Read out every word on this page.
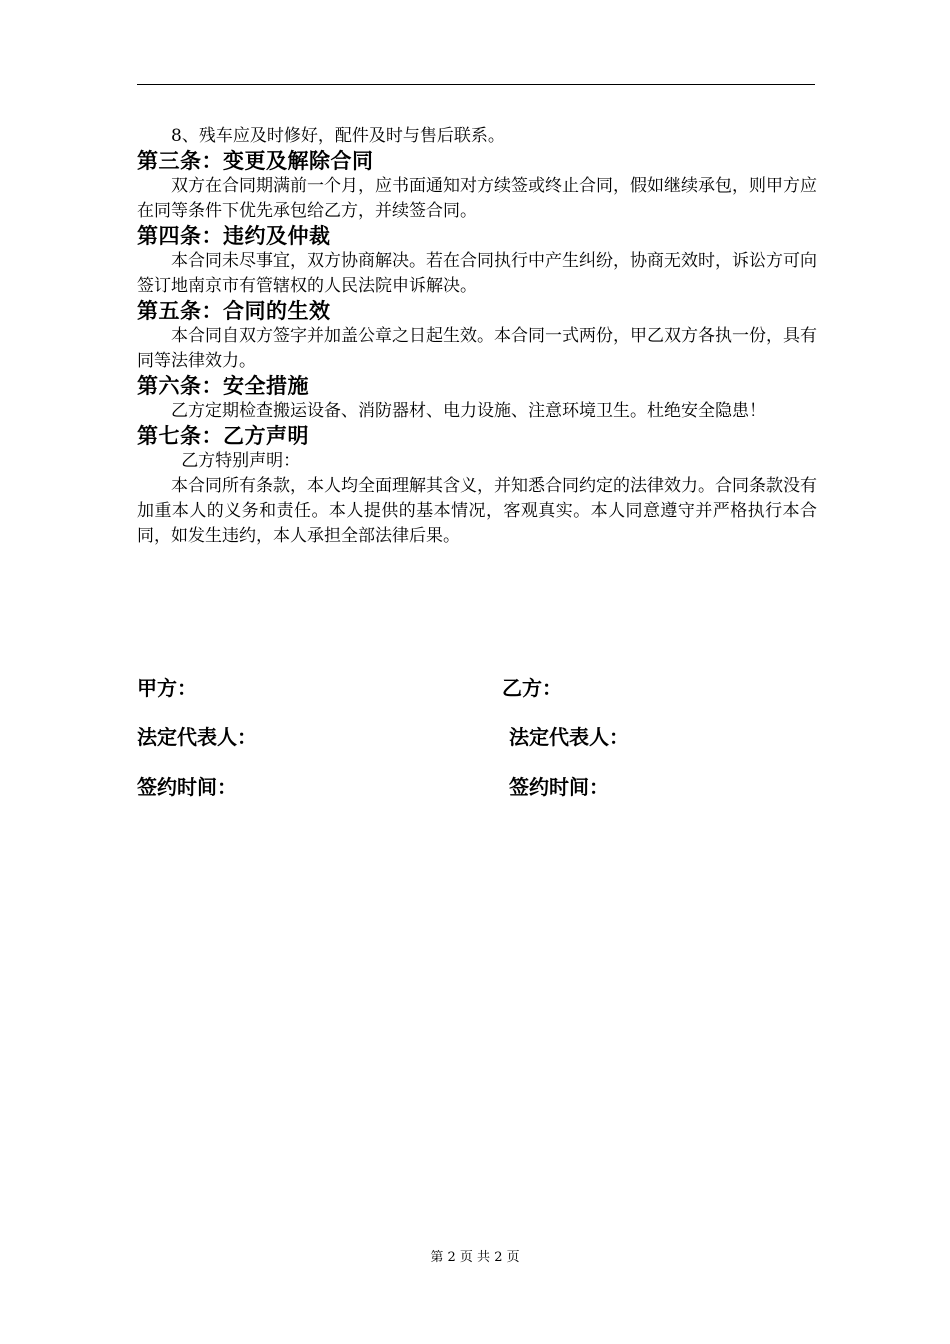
8、残车应及时修好，配件及时与售后联系。

第三条：变更及解除合同

双方在合同期满前一个月，应书面通知对方续签或终止合同，假如继续承包，则甲方应在同等条件下优先承包给乙方，并续签合同。

第四条：违约及仲裁

本合同未尽事宜，双方协商解决。若在合同执行中产生纠纷，协商无效时，诉讼方可向签订地南京市有管辖权的人民法院申诉解决。

第五条：合同的生效

本合同自双方签字并加盖公章之日起生效。本合同一式两份，甲乙双方各执一份，具有同等法律效力。

第六条：安全措施

乙方定期检查搬运设备、消防器材、电力设施、注意环境卫生。杜绝安全隐患！

第七条：乙方声明

乙方特别声明：

本合同所有条款，本人均全面理解其含义，并知悉合同约定的法律效力。合同条款没有加重本人的义务和责任。本人提供的基本情况，客观真实。本人同意遵守并严格执行本合同，如发生违约，本人承担全部法律后果。

甲方：	乙方：
法定代表人：	法定代表人：
签约时间：	签约时间：
第 2 页 共 2 页
